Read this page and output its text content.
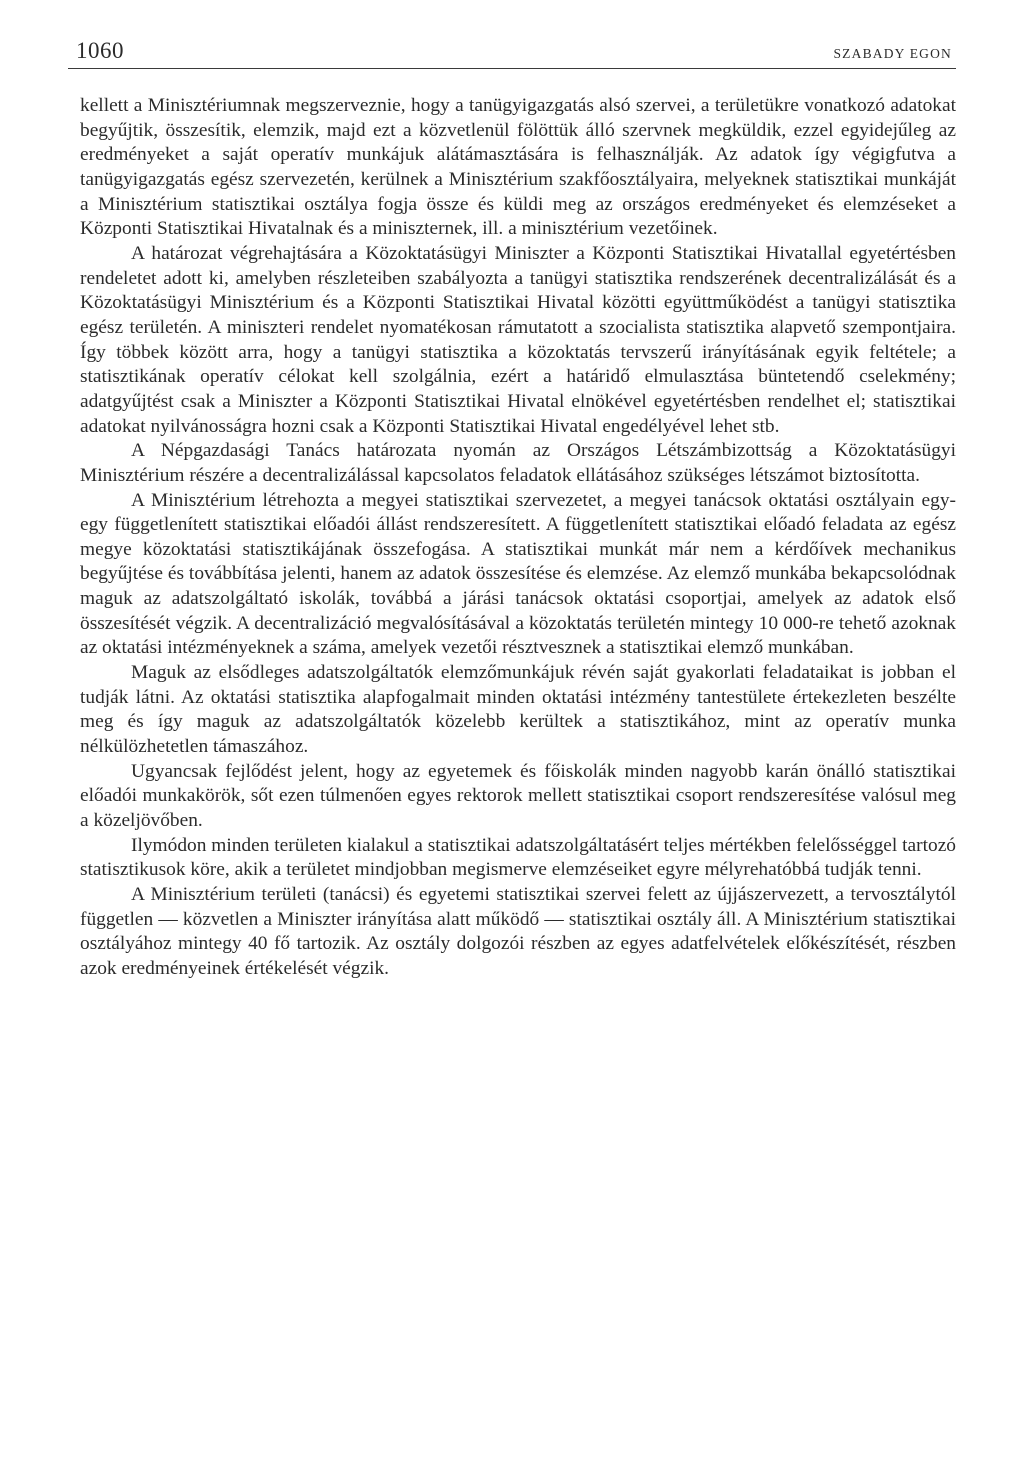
1060	SZABADY EGON

kellett a Minisztériumnak megszerveznie, hogy a tanügyigazgatás alsó szervei, a területükre vonatkozó adatokat begyűjtik, összesítik, elemzik, majd ezt a közvetlenül fölöttük álló szervnek megküldik, ezzel egyidejűleg az eredményeket a saját operatív munkájuk alátámasztására is felhasználják. Az adatok így végigfutva a tanügyigazgatás egész szervezetén, kerülnek a Minisztérium szakfőosztályaira, melyeknek statisztikai munkáját a Minisztérium statisztikai osztálya fogja össze és küldi meg az országos eredményeket és elemzéseket a Központi Statisztikai Hivatalnak és a miniszternek, ill. a minisztérium vezetőinek.

A határozat végrehajtására a Közoktatásügyi Miniszter a Központi Statisztikai Hivatallal egyetértésben rendeletet adott ki, amelyben részleteiben szabályozta a tanügyi statisztika rendszerének decentralizálását és a Közoktatásügyi Minisztérium és a Központi Statisztikai Hivatal közötti együttműködést a tanügyi statisztika egész területén. A miniszteri rendelet nyomatékosan rámutatott a szocialista statisztika alapvető szempontjaira. Így többek között arra, hogy a tanügyi statisztika a közoktatás tervszerű irányításának egyik feltétele; a statisztikának operatív célokat kell szolgálnia, ezért a határidő elmulasztása büntetendő cselekmény; adatgyűjtést csak a Miniszter a Központi Statisztikai Hivatal elnökével egyetértésben rendelhet el; statisztikai adatokat nyilvánosságra hozni csak a Központi Statisztikai Hivatal engedélyével lehet stb.

A Népgazdasági Tanács határozata nyomán az Országos Létszámbizottság a Közoktatásügyi Minisztérium részére a decentralizálással kapcsolatos feladatok ellátásához szükséges létszámot biztosította.

A Minisztérium létrehozta a megyei statisztikai szervezetet, a megyei tanácsok oktatási osztályain egy-egy függetlenített statisztikai előadói állást rendszeresített. A függetlenített statisztikai előadó feladata az egész megye közoktatási statisztikájának összefogása. A statisztikai munkát már nem a kérdőívek mechanikus begyűjtése és továbbítása jelenti, hanem az adatok összesítése és elemzése. Az elemző munkába bekapcsolódnak maguk az adatszolgáltató iskolák, továbbá a járási tanácsok oktatási csoportjai, amelyek az adatok első összesítését végzik. A decentralizáció megvalósításával a közoktatás területén mintegy 10 000-re tehető azoknak az oktatási intézményeknek a száma, amelyek vezetői résztvesznek a statisztikai elemző munkában.

Maguk az elsődleges adatszolgáltatók elemzőmunkájuk révén saját gyakorlati feladataikat is jobban el tudják látni. Az oktatási statisztika alapfogalmait minden oktatási intézmény tantestülete értekezleten beszélte meg és így maguk az adatszolgáltatók közelebb kerültek a statisztikához, mint az operatív munka nélkülözhetetlen támaszához.

Ugyancsak fejlődést jelent, hogy az egyetemek és főiskolák minden nagyobb karán önálló statisztikai előadói munkakörök, sőt ezen túlmenően egyes rektorok mellett statisztikai csoport rendszeresítése valósul meg a közeljövőben.

Ilymódon minden területen kialakul a statisztikai adatszolgáltatásért teljes mértékben felelősséggel tartozó statisztikusok köre, akik a területet mindjobban megismerve elemzéseiket egyre mélyrehatóbbá tudják tenni.

A Minisztérium területi (tanácsi) és egyetemi statisztikai szervei felett az újjászervezett, a tervosztálytól független — közvetlen a Miniszter irányítása alatt működő — statisztikai osztály áll. A Minisztérium statisztikai osztályához mintegy 40 fő tartozik. Az osztály dolgozói részben az egyes adatfelvételek előkészítését, részben azok eredményeinek értékelését végzik.
